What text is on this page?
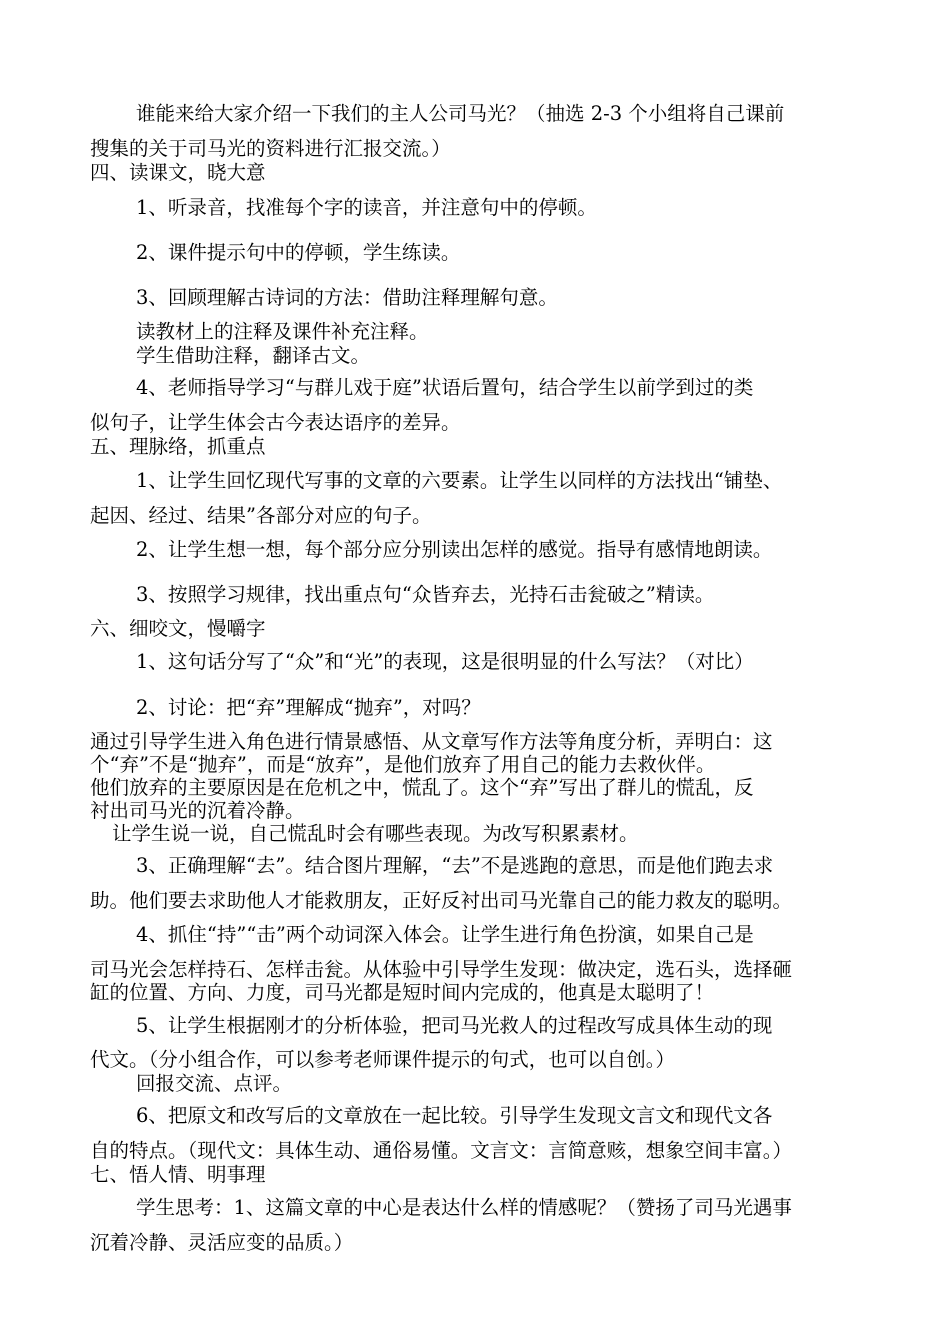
谁能来给大家介绍一下我们的主人公司马光？（抽选 2-3 个小组将自己课前
搜集的关于司马光的资料进行汇报交流。）
四、读课文，晓大意
1、听录音，找准每个字的读音，并注意句中的停顿。
2、课件提示句中的停顿，学生练读。
3、回顾理解古诗词的方法：借助注释理解句意。
读教材上的注释及课件补充注释。
学生借助注释，翻译古文。
4、老师指导学习“与群儿戏于庭”状语后置句，结合学生以前学到过的类
似句子，让学生体会古今表达语序的差异。
五、理脉络，抓重点
1、让学生回忆现代写事的文章的六要素。让学生以同样的方法找出“铺垫、
起因、经过、结果”各部分对应的句子。
2、让学生想一想，每个部分应分别读出怎样的感觉。指导有感情地朗读。
3、按照学习规律，找出重点句“众皆弃去，光持石击瓮破之”精读。
六、细咬文，慢嚼字
1、这句话分写了“众”和“光”的表现，这是很明显的什么写法？（对比）
2、讨论：把“弃”理解成“抛弃”，对吗？
通过引导学生进入角色进行情景感悟、从文章写作方法等角度分析，弄明白：这
个“弃”不是“抛弃”，而是“放弃”，是他们放弃了用自己的能力去救伙伴。
他们放弃的主要原因是在危机之中，慌乱了。这个“弃”写出了群儿的慌乱，反
衬出司马光的沉着冷静。
让学生说一说，自己慌乱时会有哪些表现。为改写积累素材。
3、正确理解“去”。结合图片理解，“去”不是逃跑的意思，而是他们跑去求
助。他们要去求助他人才能救朋友，正好反衬出司马光靠自己的能力救友的聪明。
4、抓住“持”“击”两个动词深入体会。让学生进行角色扮演，如果自己是
司马光会怎样持石、怎样击瓮。从体验中引导学生发现：做决定，选石头，选择砸
缸的位置、方向、力度，司马光都是短时间内完成的，他真是太聪明了！
5、让学生根据刚才的分析体验，把司马光救人的过程改写成具体生动的现
代文。（分小组合作，可以参考老师课件提示的句式，也可以自创。）
回报交流、点评。
6、把原文和改写后的文章放在一起比较。引导学生发现文言文和现代文各
自的特点。（现代文：具体生动、通俗易懂。文言文：言简意赅，想象空间丰富。）
七、悟人情、明事理
学生思考：1、这篇文章的中心是表达什么样的情感呢？（赞扬了司马光遇事
沉着冷静、灵活应变的品质。）
